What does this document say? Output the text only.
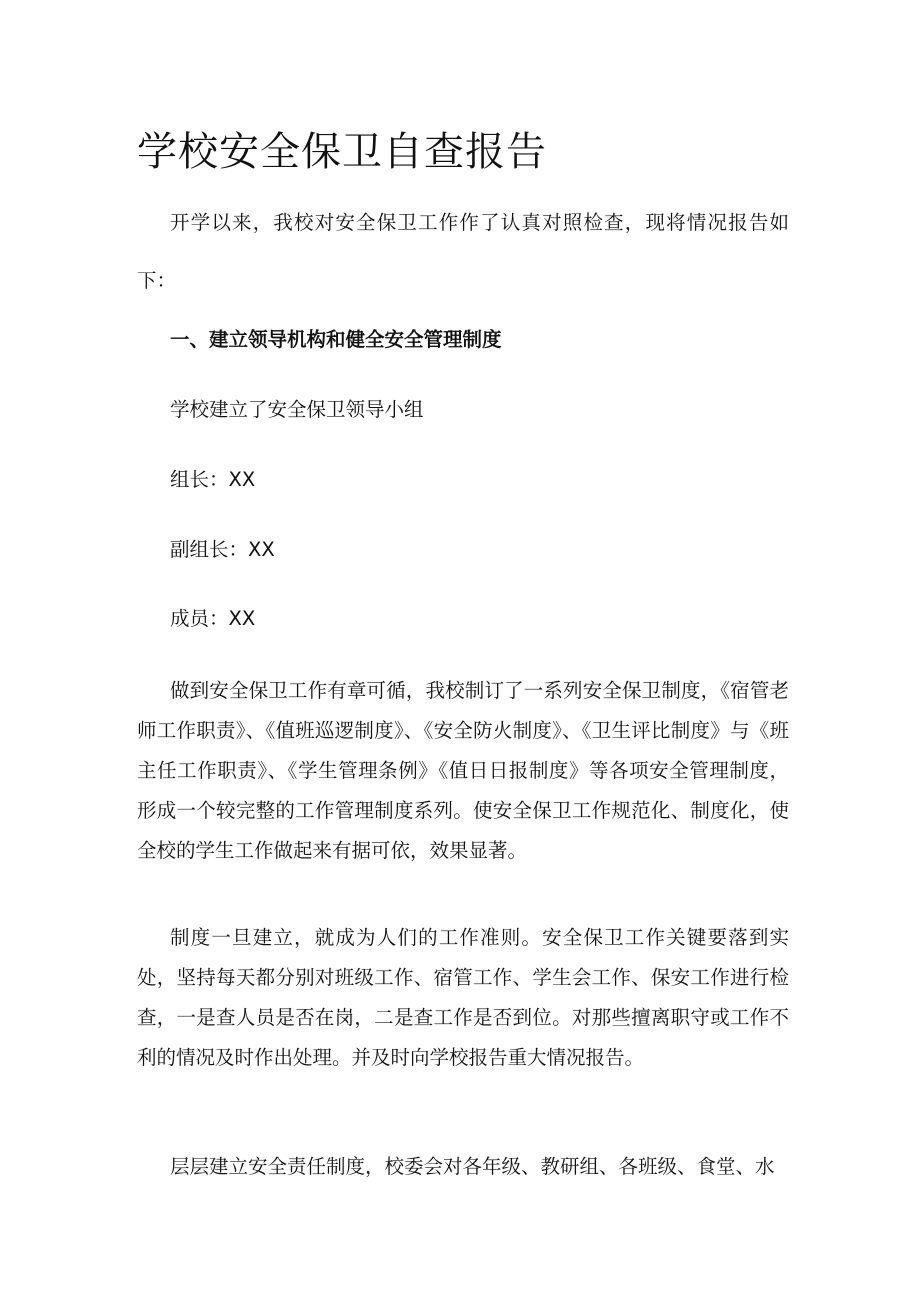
学校安全保卫自查报告

开学以来，我校对安全保卫工作作了认真对照检查，现将情况报告如下：

一、建立领导机构和健全安全管理制度

学校建立了安全保卫领导小组

组长：XX

副组长：XX

成员：XX

做到安全保卫工作有章可循，我校制订了一系列安全保卫制度，《宿管老师工作职责》、《值班巡逻制度》、《安全防火制度》、《卫生评比制度》与《班主任工作职责》、《学生管理条例》《值日日报制度》等各项安全管理制度，形成一个较完整的工作管理制度系列。使安全保卫工作规范化、制度化，使全校的学生工作做起来有据可依，效果显著。

制度一旦建立，就成为人们的工作准则。安全保卫工作关键要落到实处，坚持每天都分别对班级工作、宿管工作、学生会工作、保安工作进行检查，一是查人员是否在岗，二是查工作是否到位。对那些擅离职守或工作不利的情况及时作出处理。并及时向学校报告重大情况报告。

层层建立安全责任制度，校委会对各年级、教研组、各班级、食堂、水
